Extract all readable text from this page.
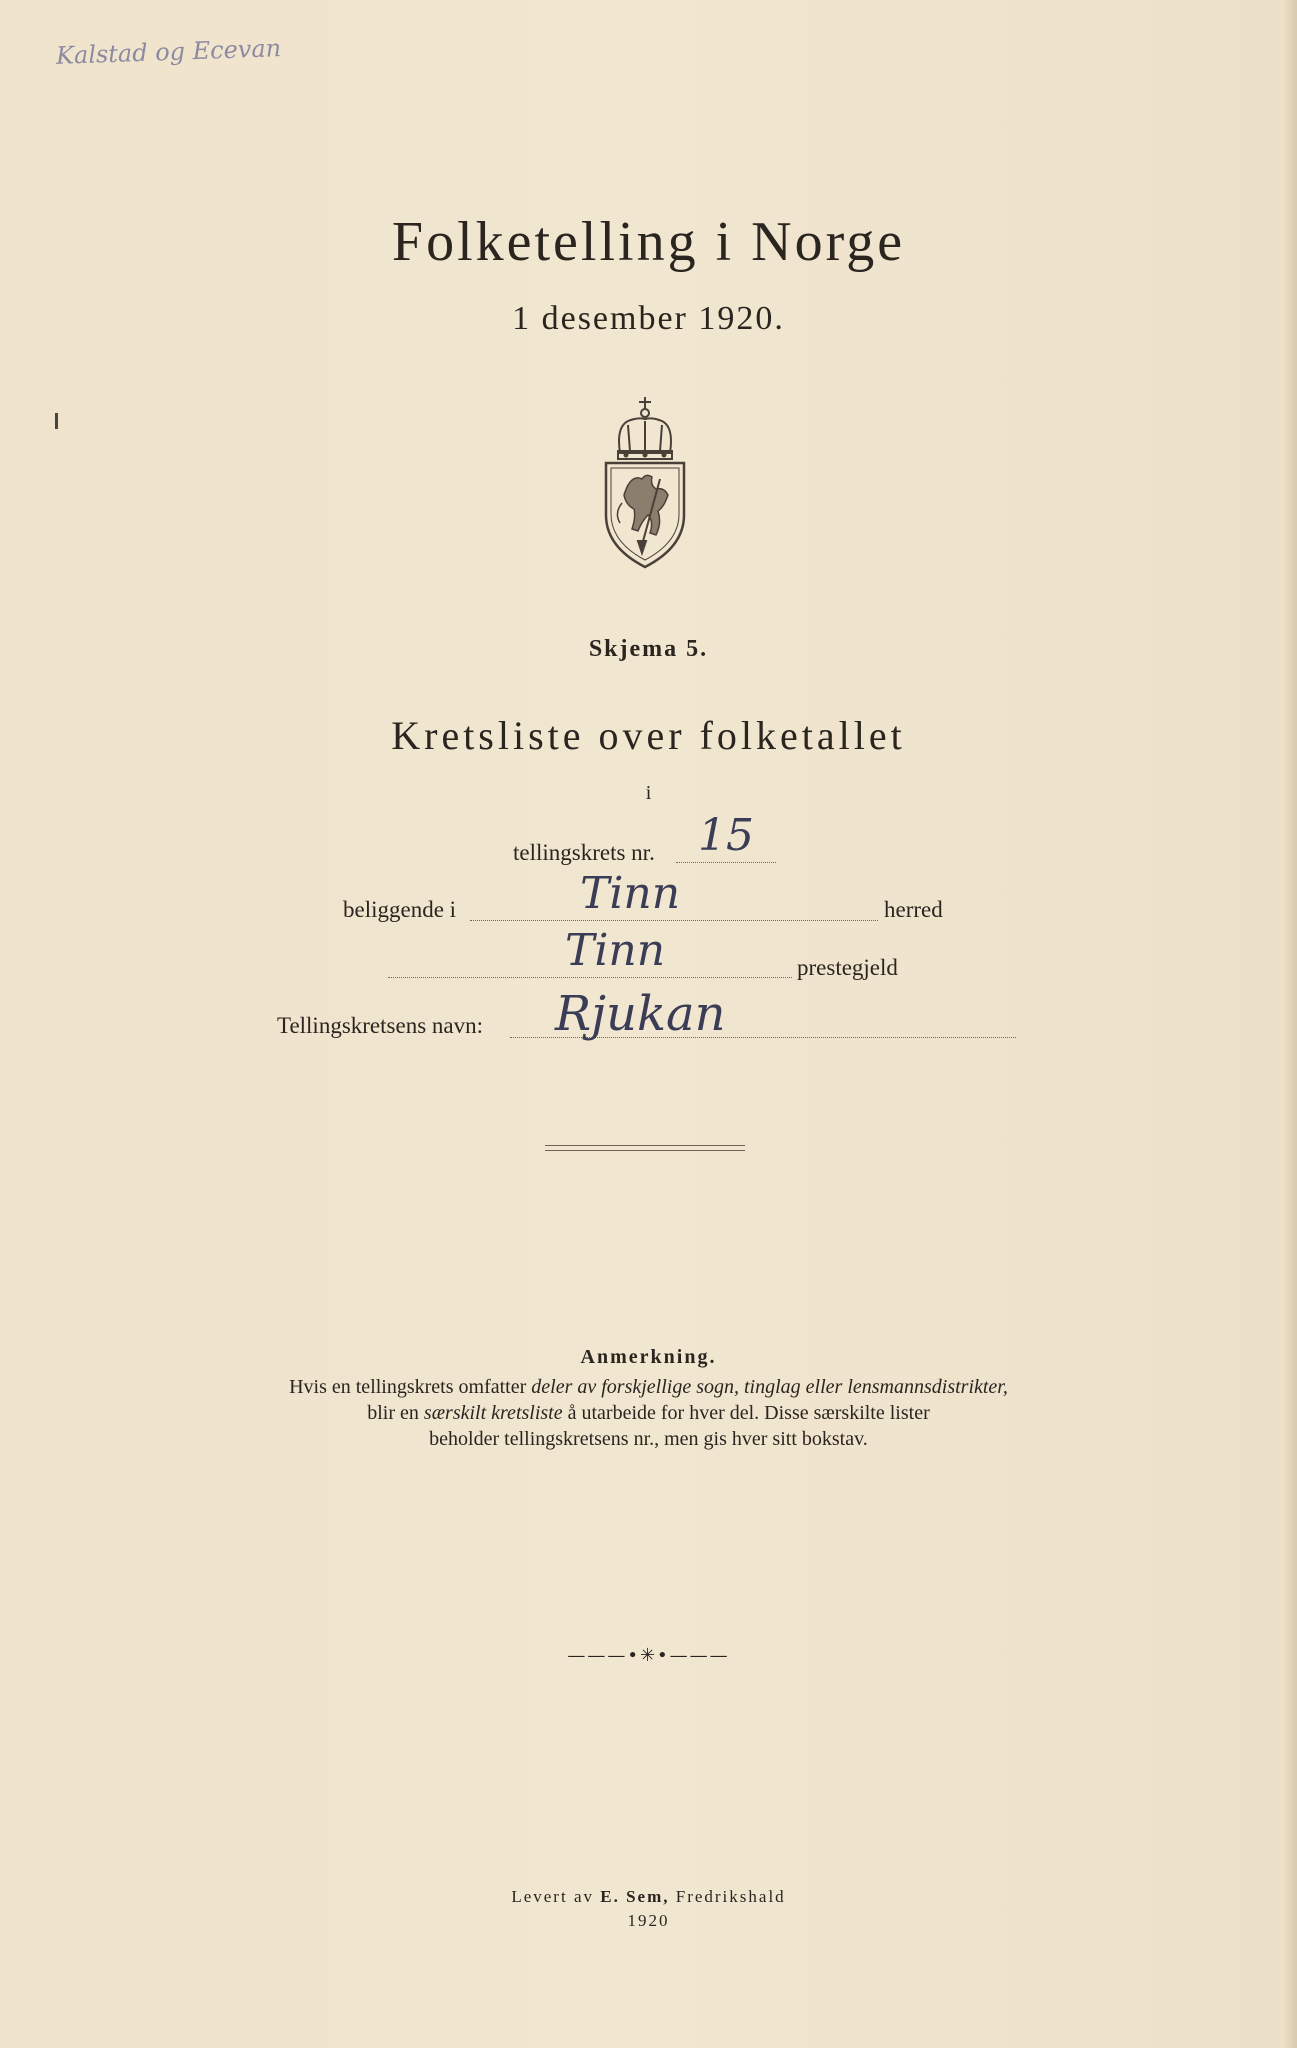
Kalstad og Ecevan
Folketelling i Norge
1 desember 1920.
Skjema 5.
Kretsliste over folketallet
i
tellingskrets nr. 15
beliggende i	Tinn	herred
Tinn	prestegjeld
Tellingskretsens navn: Rjukan
Anmerkning.
Hvis en tellingskrets omfatter deler av forskjellige sogn, tinglag eller lensmannsdistrikter,
blir en særskilt kretsliste å utarbeide for hver del. Disse særskilte lister
beholder tellingskretsens nr., men gis hver sitt bokstav.
———•✳•———
Levert av E. Sem, Fredrikshald
1920
